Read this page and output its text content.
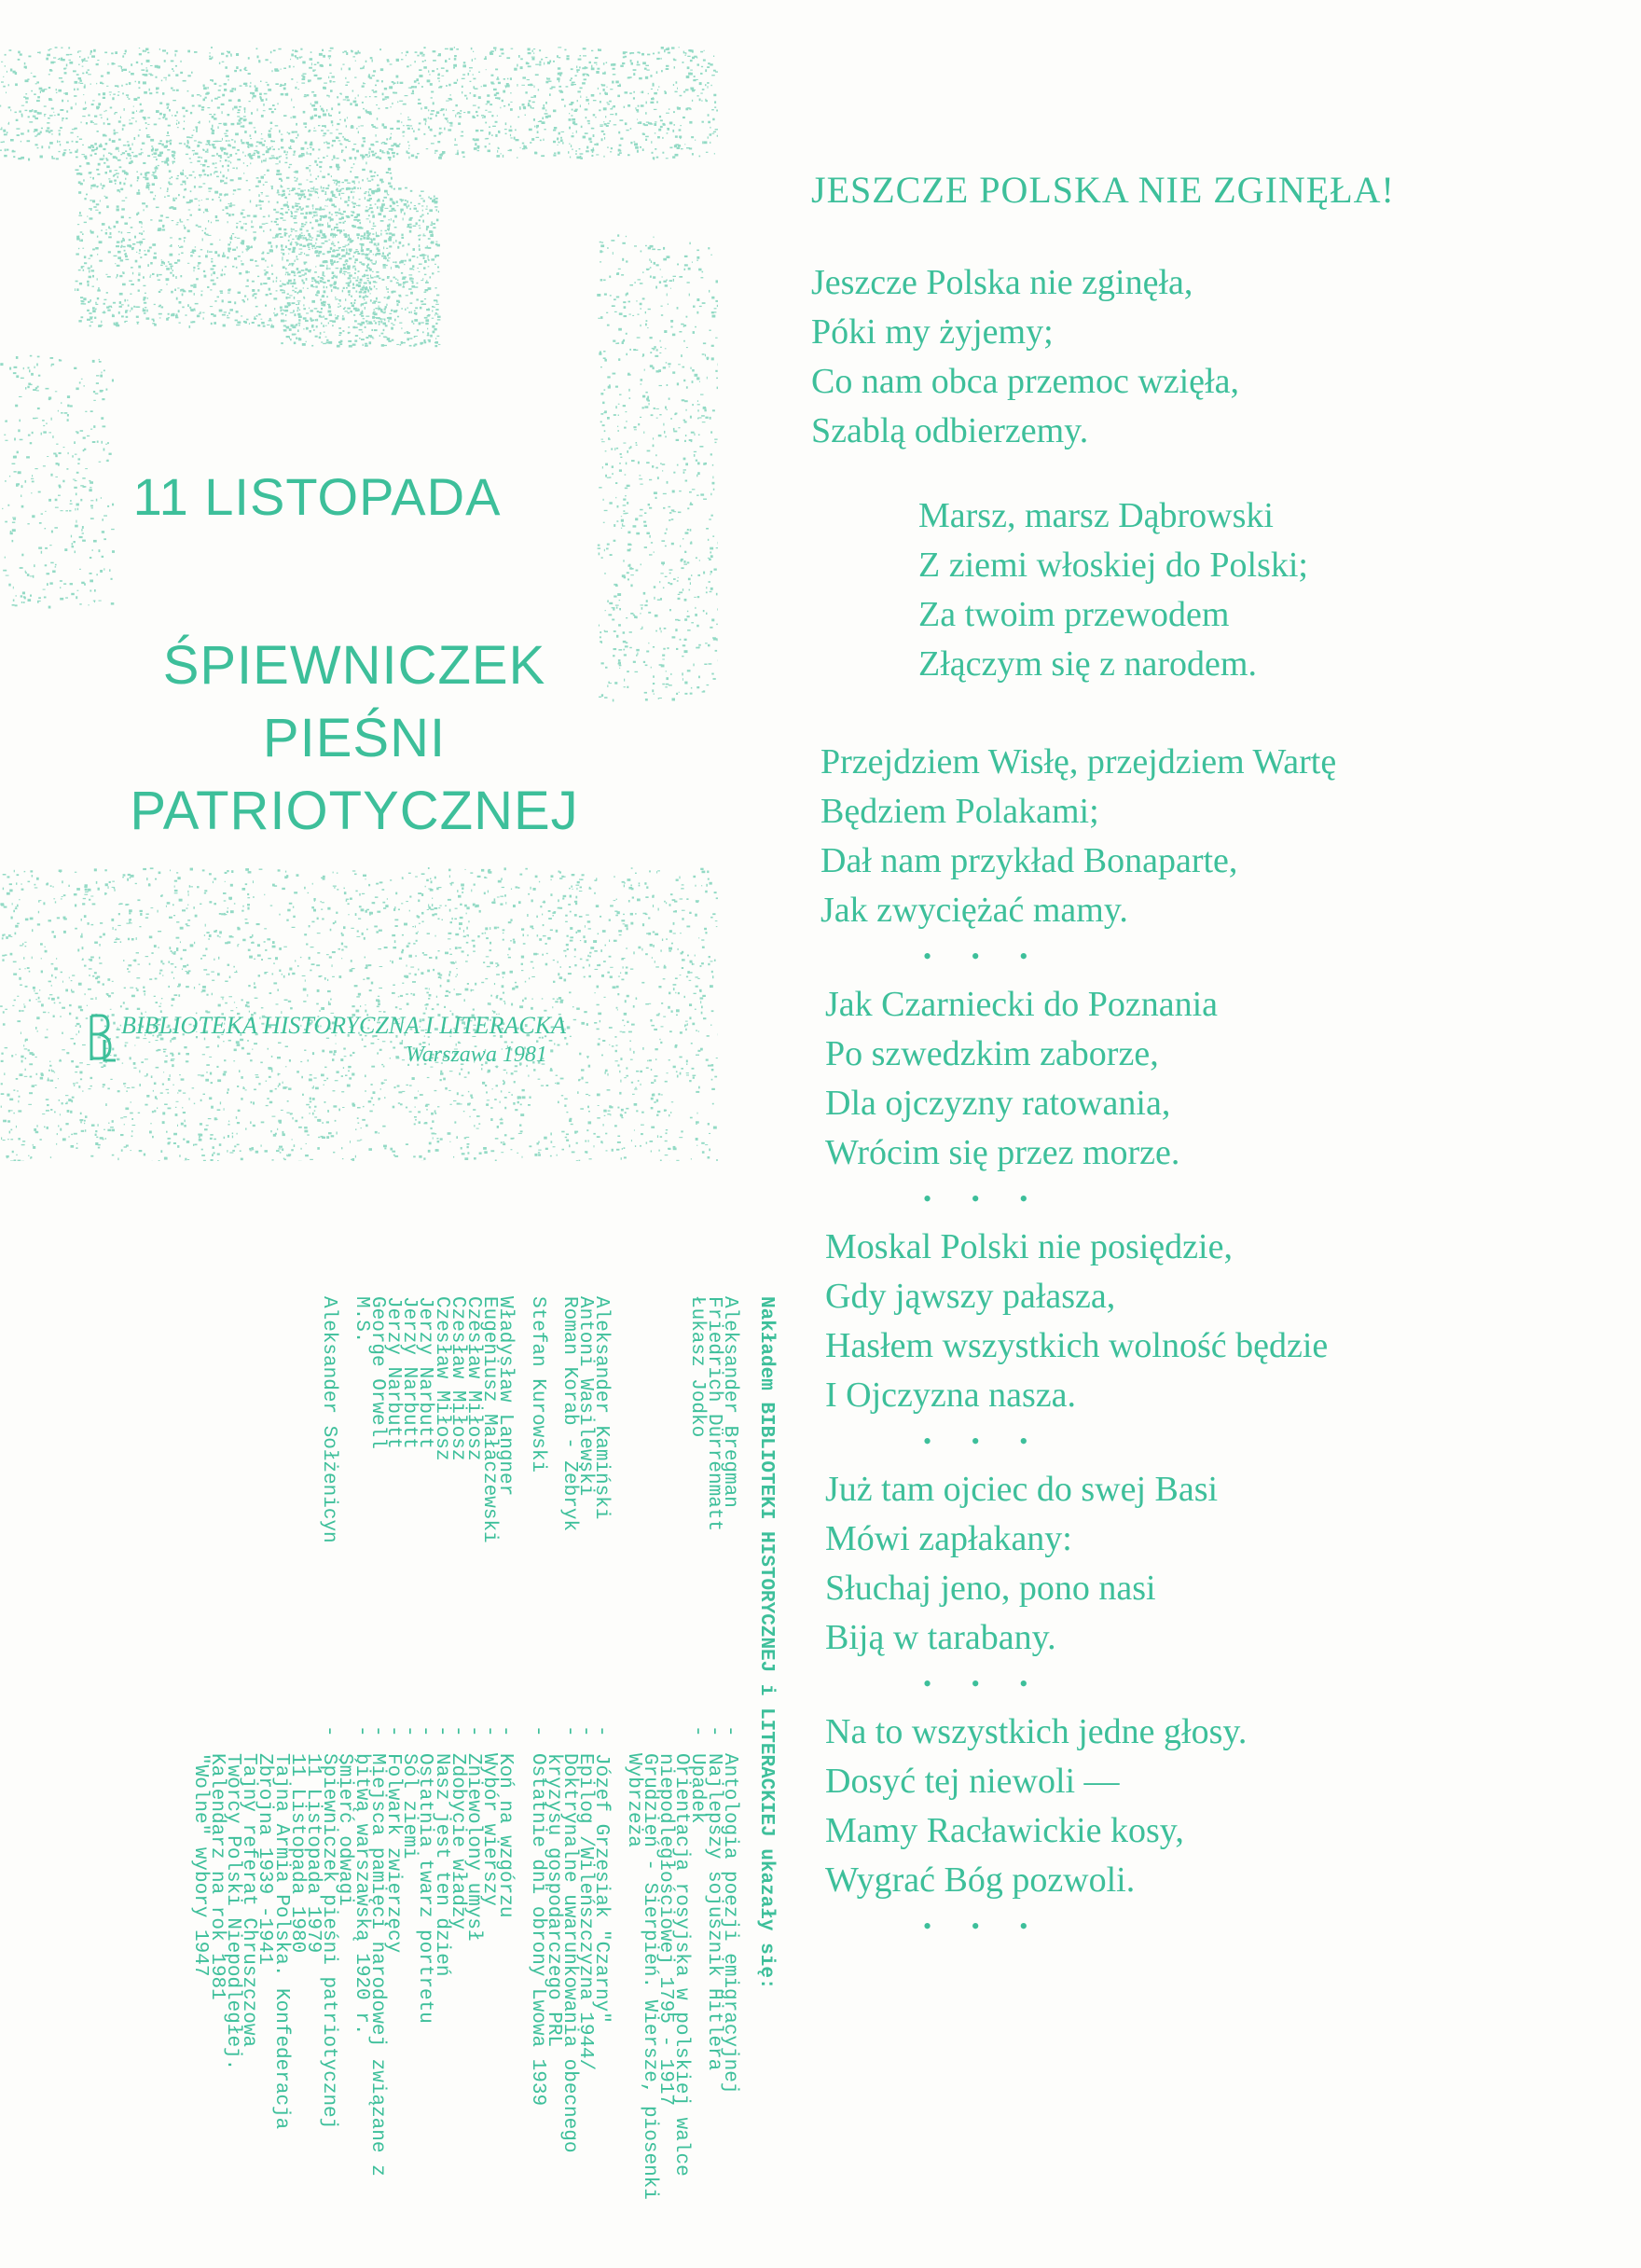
11 LISTOPADA
ŚPIEWNICZEK
PIEŚNI
PATRIOTYCZNEJ
BIBLIOTEKA HISTORYCZNA I LITERACKA
Warszawa 1981
Nakładem BIBLIOTEKI HISTORYCZNEJ i LITERACKIEJ ukazały się:
Aleksander Bregman	-	Antologia poezji emigracyjnej
Friedrich Dürrenmatt	-	Najlepszy sojusznik Hitlera
Łukasz Jodko	-	Upadek
		Orientacja rosyjska w polskiej walce
		niepodległościowej 1795 - 1917
		Grudzień - Sierpień. Wiersze, piosenki
		Wybrzeża

Aleksander Kamiński	-	Józef Grzesiak "Czarny"
Antoni Wasilewski	-	Epilog /Wileńszczyzna 1944/
Roman Korab - Żebryk	-	Doktrynalne uwarunkowania obecnego
		kryzysu gospodarczego PRL
Stefan Kurowski	-	Ostatnie dni obrony Lwowa 1939

Władysław Langner	-	Koń na wzgórzu
Eugeniusz Małaczewski	-	Wybór wierszy
Czesław Miłosz	-	Zniewolony umysł
Czesław Miłosz	-	Zdobycie władzy
Czesław Miłosz	-	Nasz jest ten dzień
Jerzy Narbutt	-	Ostatnia twarz portretu
Jerzy Narbutt	-	Sól ziemi
Jerzy Narbutt	-	Folwark zwierzęcy
George Orwell	-	Miejsca pamięci narodowej związane z
M.S.	-	bitwą warszawską 1920 r.
		Śmierć odwagi
Aleksander Sołżenicyn	-	Śpiewniczek pieśni patriotycznej
		11 Listopada 1979
		11 Listopada 1980
		Tajna Armia Polska. Konfederacja
		Zbrojna 1939 -1941
		Tajny referat Chruszczowa
		Twórcy Polski Niepodległej.
		Kalendarz na rok 1981
		"Wolne" wybory 1947
JESZCZE POLSKA NIE ZGINĘŁA!
Jeszcze Polska nie zginęła,
Póki my żyjemy;
Co nam obca przemoc wzięła,
Szablą odbierzemy.
Marsz, marsz Dąbrowski
Z ziemi włoskiej do Polski;
Za twoim przewodem
Złączym się z narodem.
Przejdziem Wisłę, przejdziem Wartę
Będziem Polakami;
Dał nam przykład Bonaparte,
Jak zwyciężać mamy.
• • •
Jak Czarniecki do Poznania
Po szwedzkim zaborze,
Dla ojczyzny ratowania,
Wrócim się przez morze.
• • •
Moskal Polski nie posiędzie,
Gdy jąwszy pałasza,
Hasłem wszystkich wolność będzie
I Ojczyzna nasza.
• • •
Już tam ojciec do swej Basi
Mówi zapłakany:
Słuchaj jeno, pono nasi
Biją w tarabany.
• • •
Na to wszystkich jedne głosy.
Dosyć tej niewoli —
Mamy Racławickie kosy,
Wygrać Bóg pozwoli.
• • •
